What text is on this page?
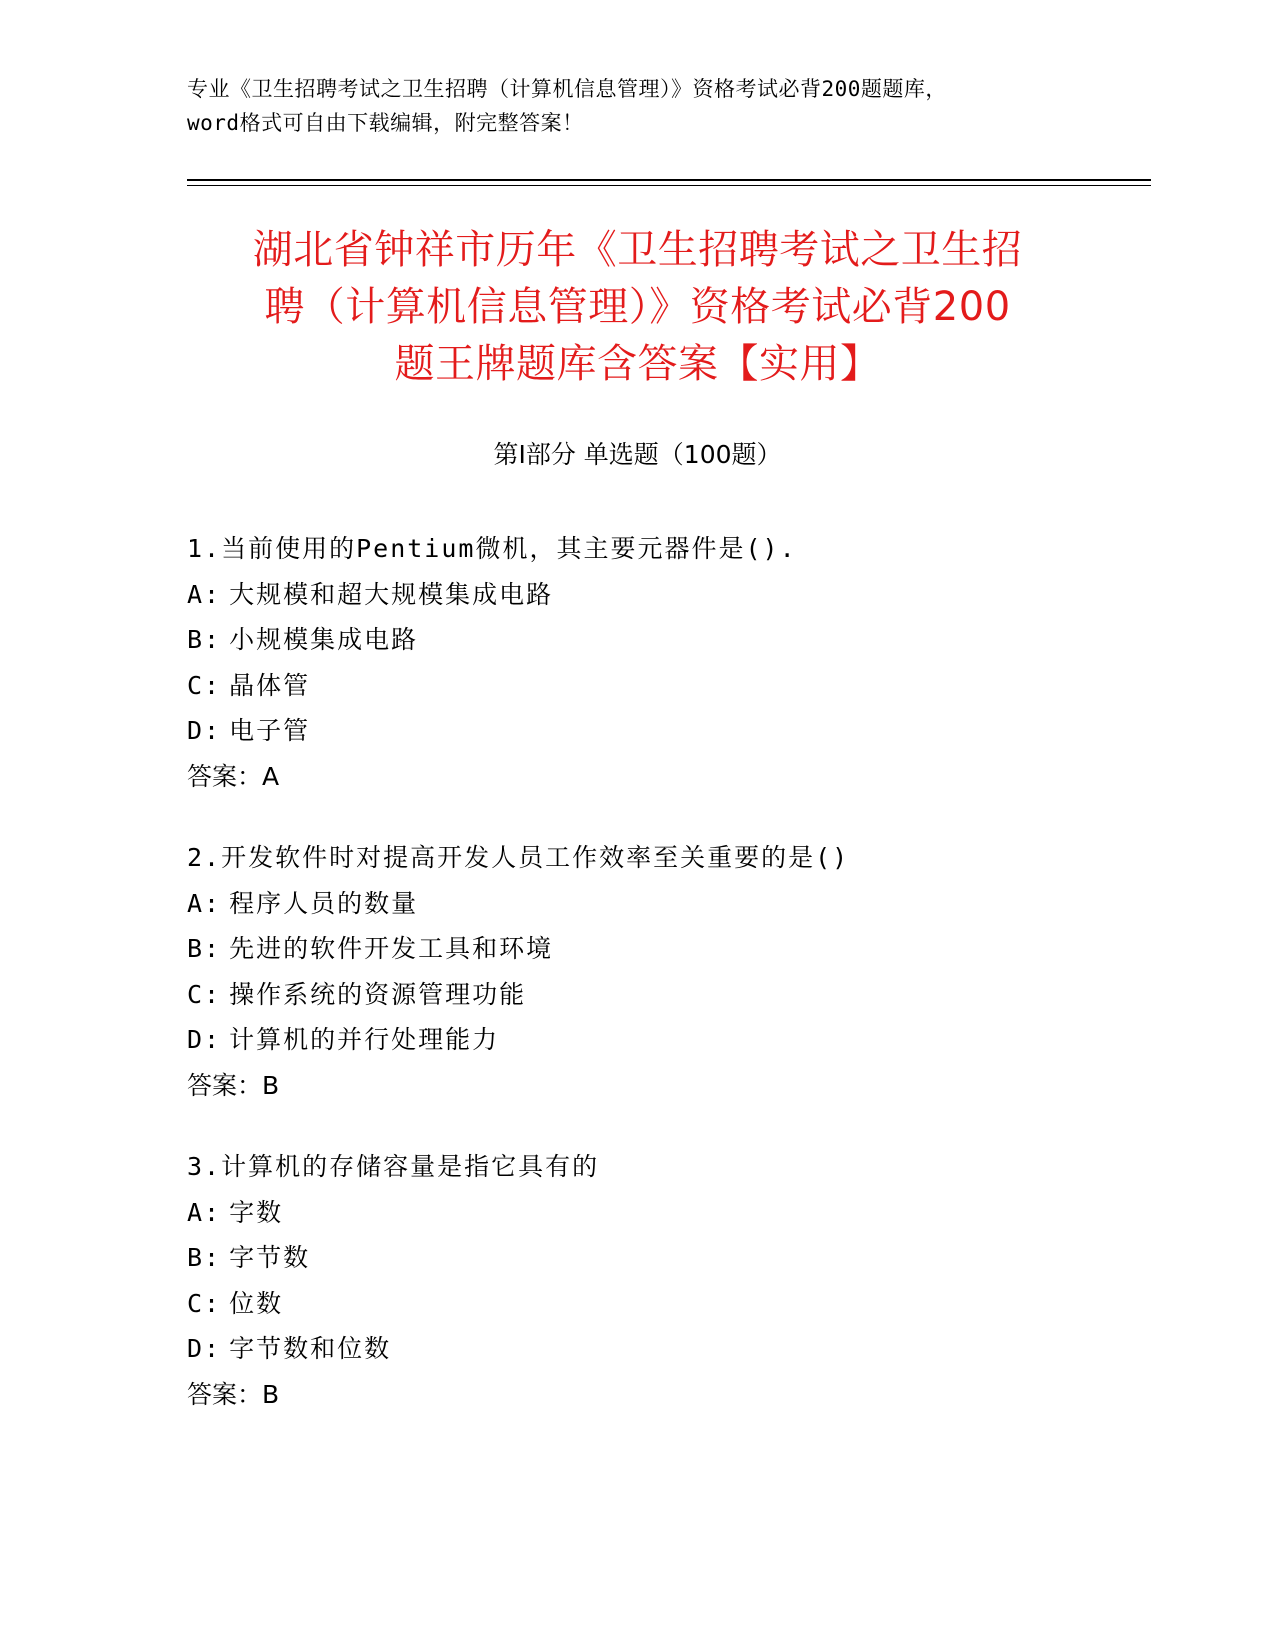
专业《卫生招聘考试之卫生招聘（计算机信息管理）》资格考试必背200题题库，
word格式可自由下载编辑，附完整答案！
湖北省钟祥市历年《卫生招聘考试之卫生招
聘（计算机信息管理）》资格考试必背200
题王牌题库含答案【实用】
第Ⅰ部分 单选题（100题）
1.当前使用的Pentium微机，其主要元器件是().
A: 大规模和超大规模集成电路
B: 小规模集成电路
C: 晶体管
D: 电子管
答案：A
2.开发软件时对提高开发人员工作效率至关重要的是()
A: 程序人员的数量
B: 先进的软件开发工具和环境
C: 操作系统的资源管理功能
D: 计算机的并行处理能力
答案：B
3.计算机的存储容量是指它具有的
A: 字数
B: 字节数
C: 位数
D: 字节数和位数
答案：B
